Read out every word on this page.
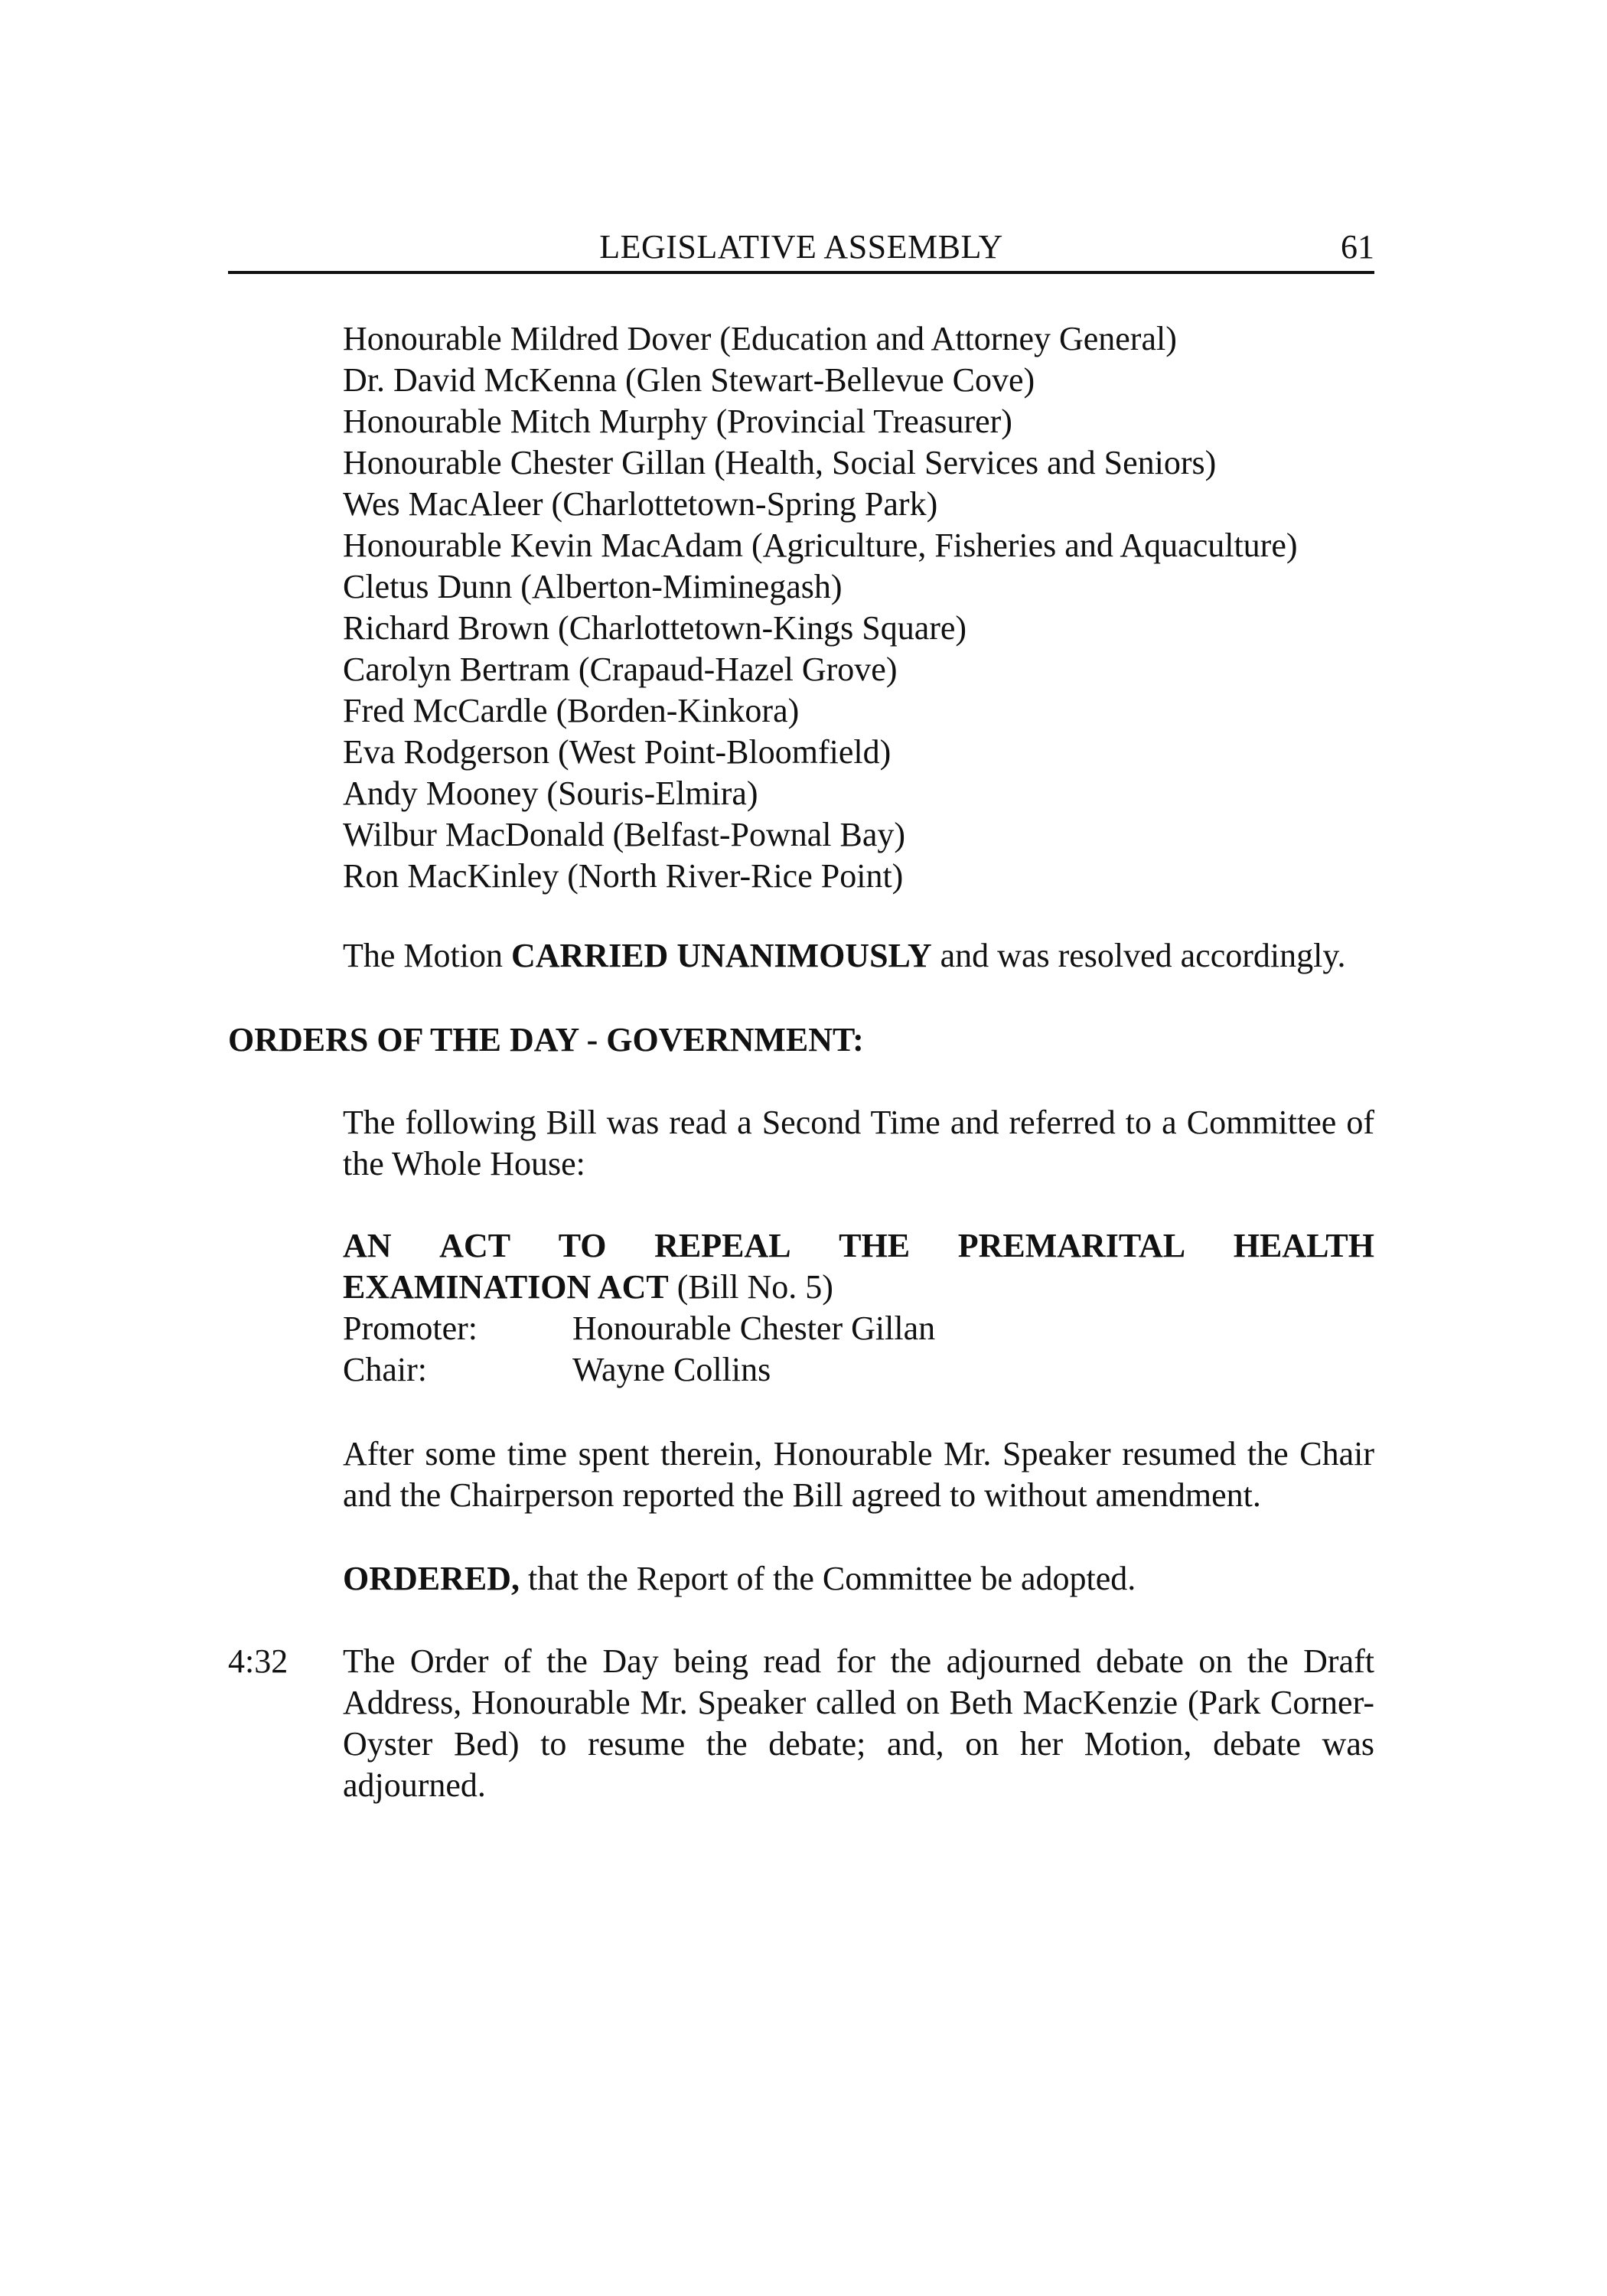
LEGISLATIVE ASSEMBLY	61
Honourable Mildred Dover (Education and Attorney General)
Dr. David McKenna (Glen Stewart-Bellevue Cove)
Honourable Mitch Murphy (Provincial Treasurer)
Honourable Chester Gillan (Health, Social Services and Seniors)
Wes MacAleer (Charlottetown-Spring Park)
Honourable Kevin MacAdam (Agriculture, Fisheries and Aquaculture)
Cletus Dunn (Alberton-Miminegash)
Richard Brown (Charlottetown-Kings Square)
Carolyn Bertram (Crapaud-Hazel Grove)
Fred McCardle (Borden-Kinkora)
Eva Rodgerson (West Point-Bloomfield)
Andy Mooney (Souris-Elmira)
Wilbur MacDonald (Belfast-Pownal Bay)
Ron MacKinley (North River-Rice Point)
The Motion CARRIED UNANIMOUSLY and was resolved accordingly.
ORDERS OF THE DAY - GOVERNMENT:
The following Bill was read a Second Time and referred to a Committee of the Whole House:
AN ACT TO REPEAL THE PREMARITAL HEALTH
EXAMINATION ACT (Bill No. 5)
Promoter:	Honourable Chester Gillan
Chair:	Wayne Collins
After some time spent therein, Honourable Mr. Speaker resumed the Chair and the Chairperson reported the Bill agreed to without amendment.
ORDERED, that the Report of the Committee be adopted.
4:32 The Order of the Day being read for the adjourned debate on the Draft Address, Honourable Mr. Speaker called on Beth MacKenzie (Park Corner-Oyster Bed) to resume the debate; and, on her Motion, debate was adjourned.
